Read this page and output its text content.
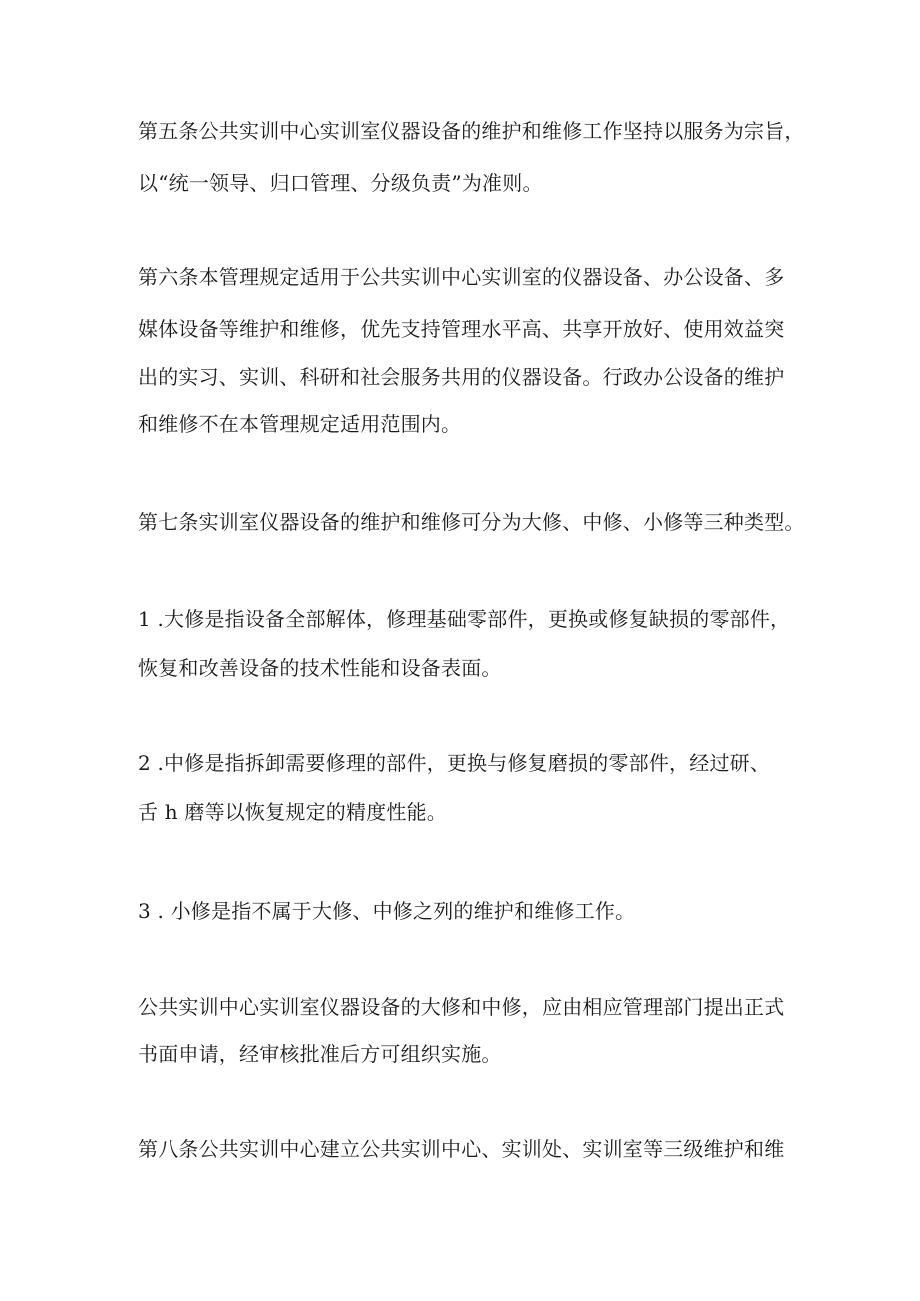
第五条公共实训中心实训室仪器设备的维护和维修工作坚持以服务为宗旨，
以“统一领导、归口管理、分级负责”为准则。
第六条本管理规定适用于公共实训中心实训室的仪器设备、办公设备、多
媒体设备等维护和维修，优先支持管理水平高、共享开放好、使用效益突
出的实习、实训、科研和社会服务共用的仪器设备。行政办公设备的维护
和维修不在本管理规定适用范围内。
第七条实训室仪器设备的维护和维修可分为大修、中修、小修等三种类型。
1 .大修是指设备全部解体，修理基础零部件，更换或修复缺损的零部件，
恢复和改善设备的技术性能和设备表面。
2 .中修是指拆卸需要修理的部件，更换与修复磨损的零部件，经过研、
舌 h 磨等以恢复规定的精度性能。
3 . 小修是指不属于大修、中修之列的维护和维修工作。
公共实训中心实训室仪器设备的大修和中修，应由相应管理部门提出正式
书面申请，经审核批准后方可组织实施。
第八条公共实训中心建立公共实训中心、实训处、实训室等三级维护和维
